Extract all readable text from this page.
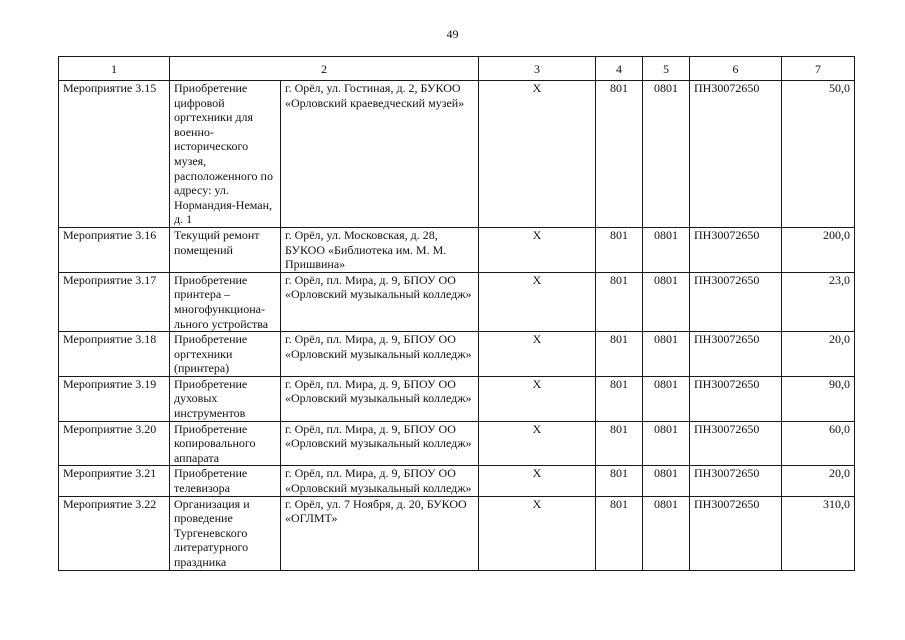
49
1	2		3	4	5	6	7
Мероприятие 3.15	Приобретение цифровой оргтехники для военно-исторического музея, расположенного по адресу: ул. Нормандия-Неман, д. 1	г. Орёл, ул. Гостиная, д. 2, БУКОО «Орловский краеведческий музей»	Х	801	0801	ПН30072650	50,0
Мероприятие 3.16	Текущий ремонт помещений	г. Орёл, ул. Московская, д. 28, БУКОО «Библиотека им. М. М. Пришвина»	Х	801	0801	ПН30072650	200,0
Мероприятие 3.17	Приобретение принтера – многофункциона-льного устройства	г. Орёл, пл. Мира, д. 9, БПОУ ОО «Орловский музыкальный колледж»	Х	801	0801	ПН30072650	23,0
Мероприятие 3.18	Приобретение оргтехники (принтера)	г. Орёл, пл. Мира, д. 9, БПОУ ОО «Орловский музыкальный колледж»	Х	801	0801	ПН30072650	20,0
Мероприятие 3.19	Приобретение духовых инструментов	г. Орёл, пл. Мира, д. 9, БПОУ ОО «Орловский музыкальный колледж»	Х	801	0801	ПН30072650	90,0
Мероприятие 3.20	Приобретение копировального аппарата	г. Орёл, пл. Мира, д. 9, БПОУ ОО «Орловский музыкальный колледж»	Х	801	0801	ПН30072650	60,0
Мероприятие 3.21	Приобретение телевизора	г. Орёл, пл. Мира, д. 9, БПОУ ОО «Орловский музыкальный колледж»	Х	801	0801	ПН30072650	20,0
Мероприятие 3.22	Организация и проведение Тургеневского литературного праздника	г. Орёл, ул. 7 Ноября, д. 20, БУКОО «ОГЛМТ»	Х	801	0801	ПН30072650	310,0
